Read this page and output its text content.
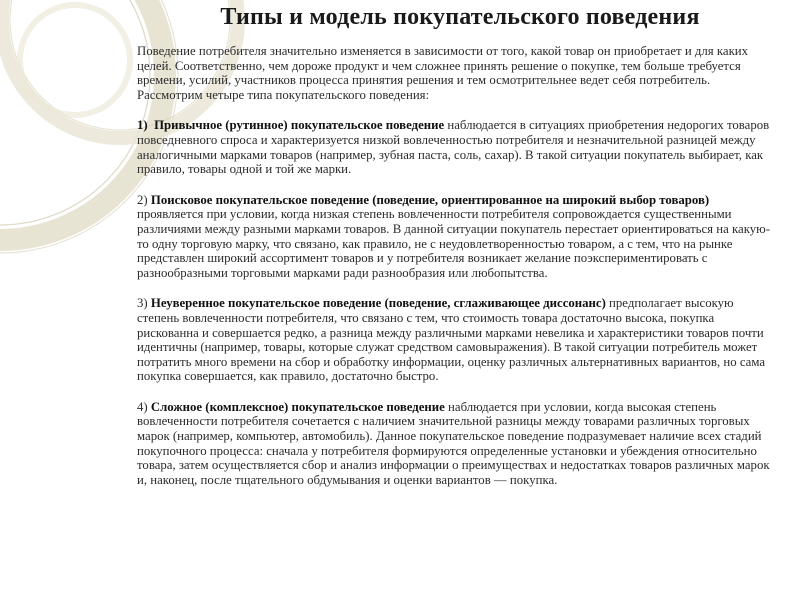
Типы и модель покупательского поведения

Поведение потребителя значительно изменяется в зависимости от того, какой товар он приобретает и для каких целей. Соответственно, чем дороже продукт и чем сложнее принять решение о покупке, тем больше требуется времени, усилий, участников процесса принятия решения и тем осмотрительнее ведет себя потребитель. Рассмотрим четыре типа покупательского поведения:

1) Привычное (рутинное) покупательское поведение наблюдается в ситуациях приобретения недорогих товаров повседневного спроса и характеризуется низкой вовлеченностью потребителя и незначительной разницей между аналогичными марками товаров (например, зубная паста, соль, сахар). В такой ситуации покупатель выбирает, как правило, товары одной и той же марки.

2) Поисковое покупательское поведение (поведение, ориентированное на широкий выбор товаров) проявляется при условии, когда низкая степень вовлеченности потребителя сопровождается существенными различиями между разными марками товаров. В данной ситуации покупатель перестает ориентироваться на какую-то одну торговую марку, что связано, как правило, не с неудовлетворенностью товаром, а с тем, что на рынке представлен широкий ассортимент товаров и у потребителя возникает желание поэкспериментировать с разнообразными торговыми марками ради разнообразия или любопытства.

3) Неуверенное покупательское поведение (поведение, сглаживающее диссонанс) предполагает высокую степень вовлеченности потребителя, что связано с тем, что стоимость товара достаточно высока, покупка рискованна и совершается редко, а разница между различными марками невелика и характеристики товаров почти идентичны (например, товары, которые служат средством самовыражения). В такой ситуации потребитель может потратить много времени на сбор и обработку информации, оценку различных альтернативных вариантов, но сама покупка совершается, как правило, достаточно быстро.

4) Сложное (комплексное) покупательское поведение наблюдается при условии, когда высокая степень вовлеченности потребителя сочетается с наличием значительной разницы между товарами различных торговых марок (например, компьютер, автомобиль). Данное покупательское поведение подразумевает наличие всех стадий покупочного процесса: сначала у потребителя формируются определенные установки и убеждения относительно товара, затем осуществляется сбор и анализ информации о преимуществах и недостатках товаров различных марок и, наконец, после тщательного обдумывания и оценки вариантов — покупка.
